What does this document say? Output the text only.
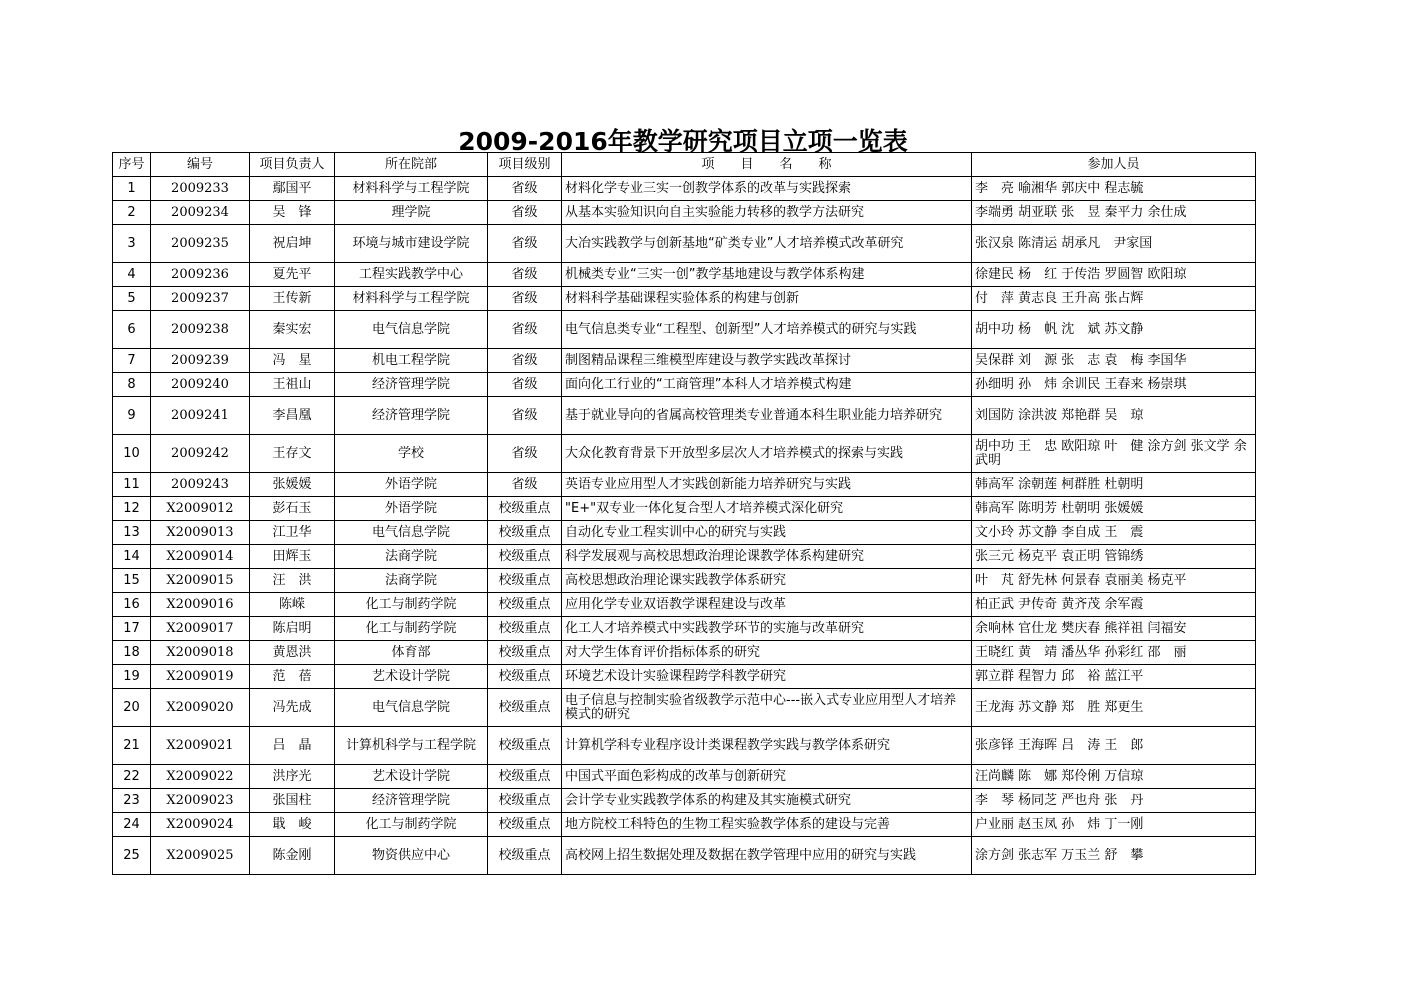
2009-2016年教学研究项目立项一览表
序号	编号	项目负责人	所在院部	项目级别	项　　目　　名　　称	参加人员
1	2009233	鄢国平	材料科学与工程学院	省级	材料化学专业三实一创教学体系的改革与实践探索	李　亮 喻湘华 郭庆中 程志毓
2	2009234	吴　锋	理学院	省级	从基本实验知识向自主实验能力转移的教学方法研究	李端勇 胡亚联 张　昱 秦平力 余仕成
3	2009235	祝启坤	环境与城市建设学院	省级	大冶实践教学与创新基地“矿类专业”人才培养模式改革研究	张汉泉 陈清运 胡承凡　尹家国
4	2009236	夏先平	工程实践教学中心	省级	机械类专业“三实一创”教学基地建设与教学体系构建	徐建民 杨　红 于传浩 罗圆智 欧阳琼
5	2009237	王传新	材料科学与工程学院	省级	材料科学基础课程实验体系的构建与创新	付　萍 黄志良 王升高 张占辉
6	2009238	秦实宏	电气信息学院	省级	电气信息类专业“工程型、创新型”人才培养模式的研究与实践	胡中功 杨　帆 沈　斌 苏文静
7	2009239	冯　星	机电工程学院	省级	制图精品课程三维模型库建设与教学实践改革探讨	吴保群 刘　源 张　志 袁　梅 李国华
8	2009240	王祖山	经济管理学院	省级	面向化工行业的“工商管理”本科人才培养模式构建	孙细明 孙　炜 余训民 王春来 杨崇琪
9	2009241	李昌凰	经济管理学院	省级	基于就业导向的省属高校管理类专业普通本科生职业能力培养研究	刘国防 涂洪波 郑艳群 吴　琼
10	2009242	王存文	学校	省级	大众化教育背景下开放型多层次人才培养模式的探索与实践	胡中功 王　忠 欧阳琼 叶　健 涂方剑 张文学 余武明
11	2009243	张媛媛	外语学院	省级	英语专业应用型人才实践创新能力培养研究与实践	韩高军 涂朝莲 柯群胜 杜朝明
12	X2009012	彭石玉	外语学院	校级重点	"E+"双专业一体化复合型人才培养模式深化研究	韩高军 陈明芳 杜朝明 张媛媛
13	X2009013	江卫华	电气信息学院	校级重点	自动化专业工程实训中心的研究与实践	文小玲 苏文静 李自成 王　震
14	X2009014	田辉玉	法商学院	校级重点	科学发展观与高校思想政治理论课教学体系构建研究	张三元 杨克平 袁正明 管锦绣
15	X2009015	汪　洪	法商学院	校级重点	高校思想政治理论课实践教学体系研究	叶　芃 舒先林 何景春 袁丽美 杨克平
16	X2009016	陈嵘	化工与制药学院	校级重点	应用化学专业双语教学课程建设与改革	柏正武 尹传奇 黄齐茂 余军霞
17	X2009017	陈启明	化工与制药学院	校级重点	化工人才培养模式中实践教学环节的实施与改革研究	余响林 官仕龙 樊庆春 熊祥祖 闫福安
18	X2009018	黄恩洪	体育部	校级重点	对大学生体育评价指标体系的研究	王晓红 黄　靖 潘丛华 孙彩红 邵　丽
19	X2009019	范　蓓	艺术设计学院	校级重点	环境艺术设计实验课程跨学科教学研究	郭立群 程智力 邱　裕 蓝江平
20	X2009020	冯先成	电气信息学院	校级重点	电子信息与控制实验省级教学示范中心---嵌入式专业应用型人才培养模式的研究	王龙海 苏文静 郑　胜 郑更生
21	X2009021	吕　晶	计算机科学与工程学院	校级重点	计算机学科专业程序设计类课程教学实践与教学体系研究	张彦铎 王海晖 吕　涛 王　郎
22	X2009022	洪序光	艺术设计学院	校级重点	中国式平面色彩构成的改革与创新研究	汪尚麟 陈　娜 郑伶俐 万信琼
23	X2009023	张国柱	经济管理学院	校级重点	会计学专业实践教学体系的构建及其实施模式研究	李　琴 杨同芝 严也舟 张　丹
24	X2009024	戢　峻	化工与制药学院	校级重点	地方院校工科特色的生物工程实验教学体系的建设与完善	户业丽 赵玉凤 孙　炜 丁一刚
25	X2009025	陈金刚	物资供应中心	校级重点	高校网上招生数据处理及数据在教学管理中应用的研究与实践	涂方剑 张志军 万玉兰 舒　攀
